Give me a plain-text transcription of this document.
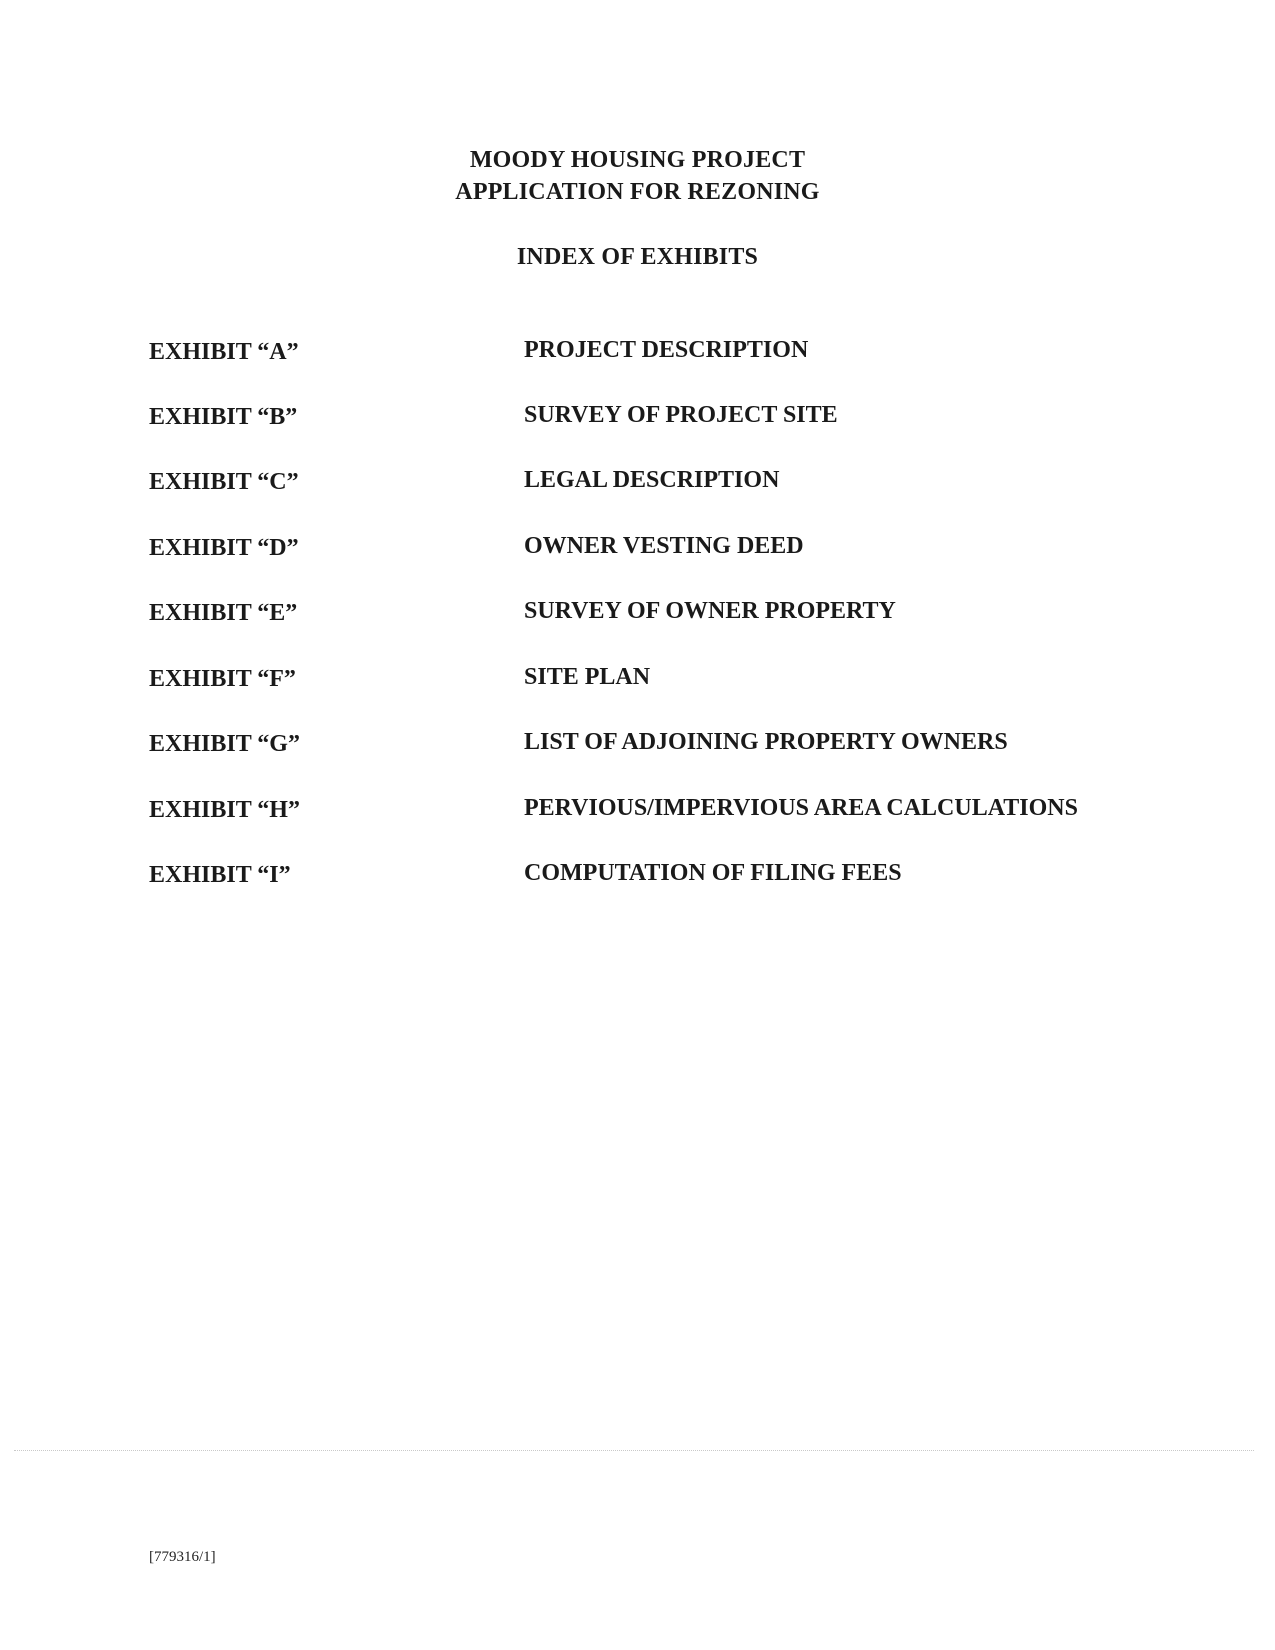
MOODY HOUSING PROJECT
APPLICATION FOR REZONING
INDEX OF EXHIBITS
EXHIBIT “A”	PROJECT DESCRIPTION
EXHIBIT “B”	SURVEY OF PROJECT SITE
EXHIBIT “C”	LEGAL DESCRIPTION
EXHIBIT “D”	OWNER VESTING DEED
EXHIBIT “E”	SURVEY OF OWNER PROPERTY
EXHIBIT “F”	SITE PLAN
EXHIBIT “G”	LIST OF ADJOINING PROPERTY OWNERS
EXHIBIT “H”	PERVIOUS/IMPERVIOUS AREA CALCULATIONS
EXHIBIT “I”	COMPUTATION OF FILING FEES
[779316/1]
